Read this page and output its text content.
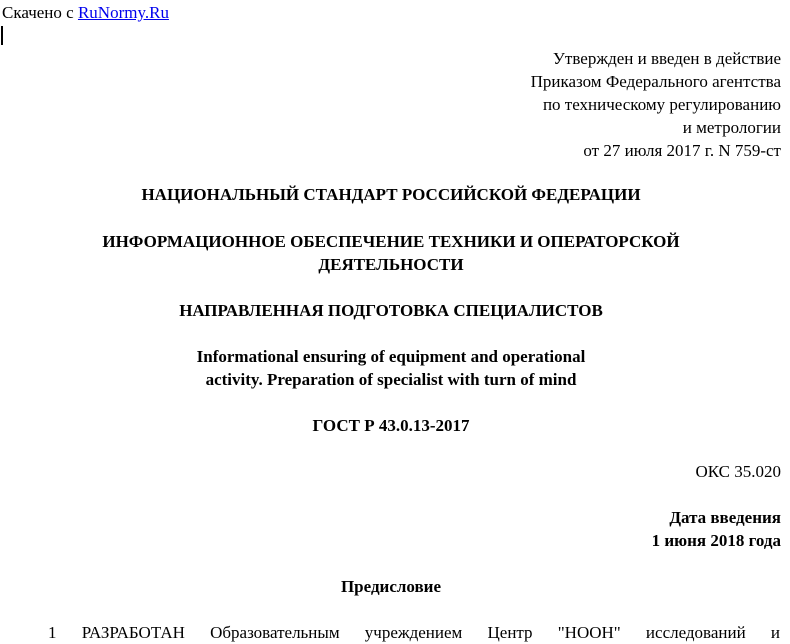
Скачено с RuNormy.Ru
Утвержден и введен в действие
Приказом Федерального агентства
по техническому регулированию
и метрологии
от 27 июля 2017 г. N 759-ст
НАЦИОНАЛЬНЫЙ СТАНДАРТ РОССИЙСКОЙ ФЕДЕРАЦИИ
ИНФОРМАЦИОННОЕ ОБЕСПЕЧЕНИЕ ТЕХНИКИ И ОПЕРАТОРСКОЙ
ДЕЯТЕЛЬНОСТИ
НАПРАВЛЕННАЯ ПОДГОТОВКА СПЕЦИАЛИСТОВ
Informational ensuring of equipment and operational
activity. Preparation of specialist with turn of mind
ГОСТ Р 43.0.13-2017
ОКС 35.020
Дата введения
1 июня 2018 года
Предисловие
1 РАЗРАБОТАН Образовательным учреждением Центр "НООН" исследований и
